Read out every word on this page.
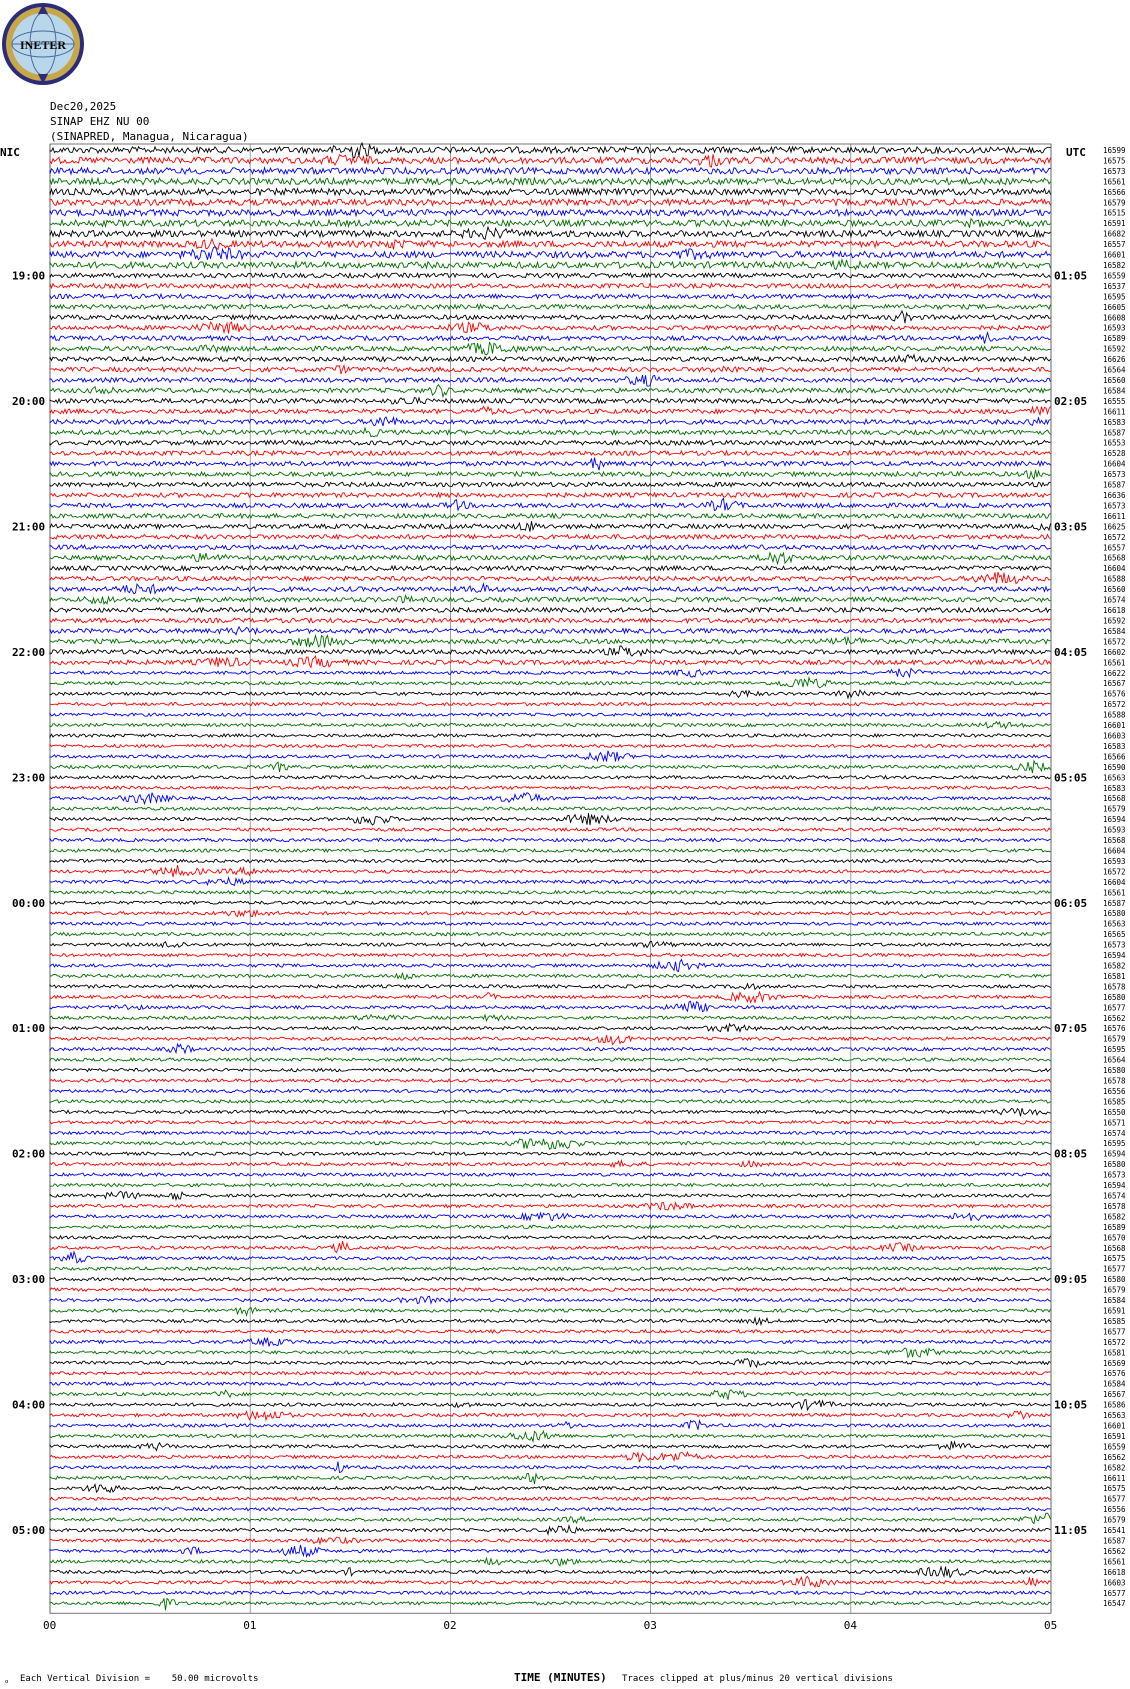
INETER
Dec20,2025
SINAP EHZ NU 00
(SINAPRED, Managua, Nicaragua)
NIC	UTC 16599
16575
16573
16561
16566
16579
16515
16591
16682
16557
16601
16582
16559
16537
16595
16605
16608
16593
16589
16592
16626
16564
16560
16584
16555
16611
16583
16587
16553
16528
16604
16573
16587
16636
16573
16611
16625
16572
16557
16568
16604
16588
16560
16574
16618
16592
16584
16572
16602
16561
16622
16567
16576
16572
16588
16601
16603
16583
16566
16590
16563
16583
16568
16579
16594
16593
16568
16604
16593
16572
16604
16561
16587
16580
16563
16565
16573
16594
16582
16581
16578
16580
16577
16562
16576
16579
16595
16564
16580
16578
16556
16585
16550
16571
16574
16595
16594
16580
16573
16594
16574
16578
16582
16589
16570
16568
16575
16577
16580
16579
16584
16591
16585
16577
16572
16581
16569
16576
16584
16567
16586
16563
16601
16591
16559
16562
16582
16611
16575
16577
16556
16579
16541
16587
16562
16561
16618
16603
16577
16547
19:00	01:05
20:00	02:05
21:00	03:05
22:00	04:05
23:00	05:05
00:00	06:05
01:00	07:05
02:00	08:05
03:00	09:05
04:00	10:05
05:00	11:05
00	01	02	03	04	05
ₒ Each Vertical Division =    50.00 microvolts	TIME (MINUTES) Traces clipped at plus/minus 20 vertical divisions
